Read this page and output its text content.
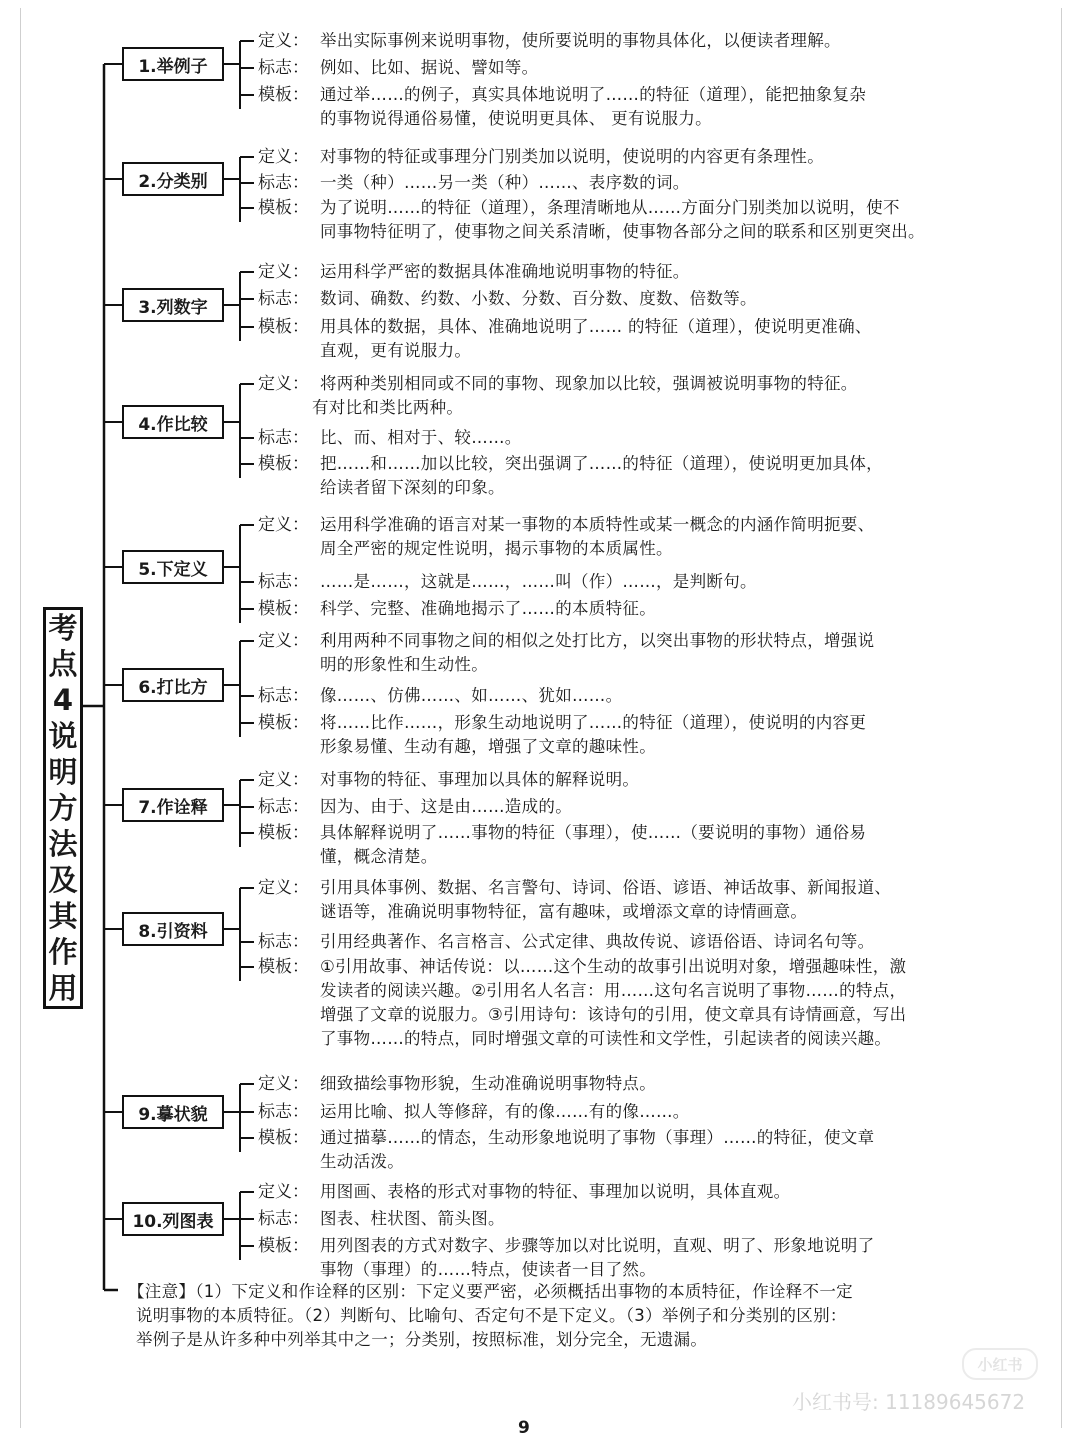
考点
4
说
明
方
法
及
其
作
用
1.举例子
定义： 举出实际事例来说明事物，使所要说明的事物具体化，以便读者理解。
标志： 例如、比如、据说、譬如等。
模板： 通过举……的例子，真实具体地说明了……的特征（道理），能把抽象复杂
的事物说得通俗易懂，使说明更具体、 更有说服力。
2.分类别
定义： 对事物的特征或事理分门别类加以说明，使说明的内容更有条理性。
标志： 一类（种）……另一类（种）……、表序数的词。
模板： 为了说明……的特征（道理），条理清晰地从……方面分门别类加以说明，使不
同事物特征明了，使事物之间关系清晰，使事物各部分之间的联系和区别更突出。
3.列数字
定义： 运用科学严密的数据具体准确地说明事物的特征。
标志： 数词、确数、约数、小数、分数、百分数、度数、倍数等。
模板： 用具体的数据，具体、准确地说明了…… 的特征（道理），使说明更准确、
直观，更有说服力。
4.作比较
定义： 将两种类别相同或不同的事物、现象加以比较，强调被说明事物的特征。
有对比和类比两种。
标志： 比、而、相对于、较……。
模板： 把……和……加以比较，突出强调了……的特征（道理），使说明更加具体，
给读者留下深刻的印象。
5.下定义
定义： 运用科学准确的语言对某一事物的本质特性或某一概念的内涵作简明扼要、
周全严密的规定性说明，揭示事物的本质属性。
标志： ……是……，这就是……，……叫（作）……，是判断句。
模板： 科学、完整、准确地揭示了……的本质特征。
6.打比方
定义： 利用两种不同事物之间的相似之处打比方，以突出事物的形状特点，增强说
明的形象性和生动性。
标志： 像……、仿佛……、如……、犹如……。
模板： 将……比作……，形象生动地说明了……的特征（道理），使说明的内容更
形象易懂、生动有趣，增强了文章的趣味性。
7.作诠释
定义： 对事物的特征、事理加以具体的解释说明。
标志： 因为、由于、这是由……造成的。
模板： 具体解释说明了……事物的特征（事理），使……（要说明的事物）通俗易
懂，概念清楚。
8.引资料
定义： 引用具体事例、数据、名言警句、诗词、俗语、谚语、神话故事、新闻报道、
谜语等，准确说明事物特征，富有趣味，或增添文章的诗情画意。
标志： 引用经典著作、名言格言、公式定律、典故传说、谚语俗语、诗词名句等。
模板： ①引用故事、神话传说：以……这个生动的故事引出说明对象，增强趣味性，激
发读者的阅读兴趣。②引用名人名言：用……这句名言说明了事物……的特点，
增强了文章的说服力。③引用诗句：该诗句的引用，使文章具有诗情画意，写出
了事物……的特点，同时增强文章的可读性和文学性，引起读者的阅读兴趣。
9.摹状貌
定义： 细致描绘事物形貌，生动准确说明事物特点。
标志： 运用比喻、拟人等修辞，有的像……有的像……。
模板： 通过描摹……的情态，生动形象地说明了事物（事理）……的特征，使文章
生动活泼。
10.列图表
定义： 用图画、表格的形式对事物的特征、事理加以说明，具体直观。
标志： 图表、柱状图、箭头图。
模板： 用列图表的方式对数字、步骤等加以对比说明，直观、明了、形象地说明了
事物（事理）的……特点，使读者一目了然。
【注意】（1）下定义和作诠释的区别：下定义要严密，必须概括出事物的本质特征，作诠释不一定
说明事物的本质特征。（2）判断句、比喻句、否定句不是下定义。（3）举例子和分类别的区别：
举例子是从许多种中列举其中之一；分类别，按照标准，划分完全，无遗漏。
9
小红书
小红书号: 11189645672
